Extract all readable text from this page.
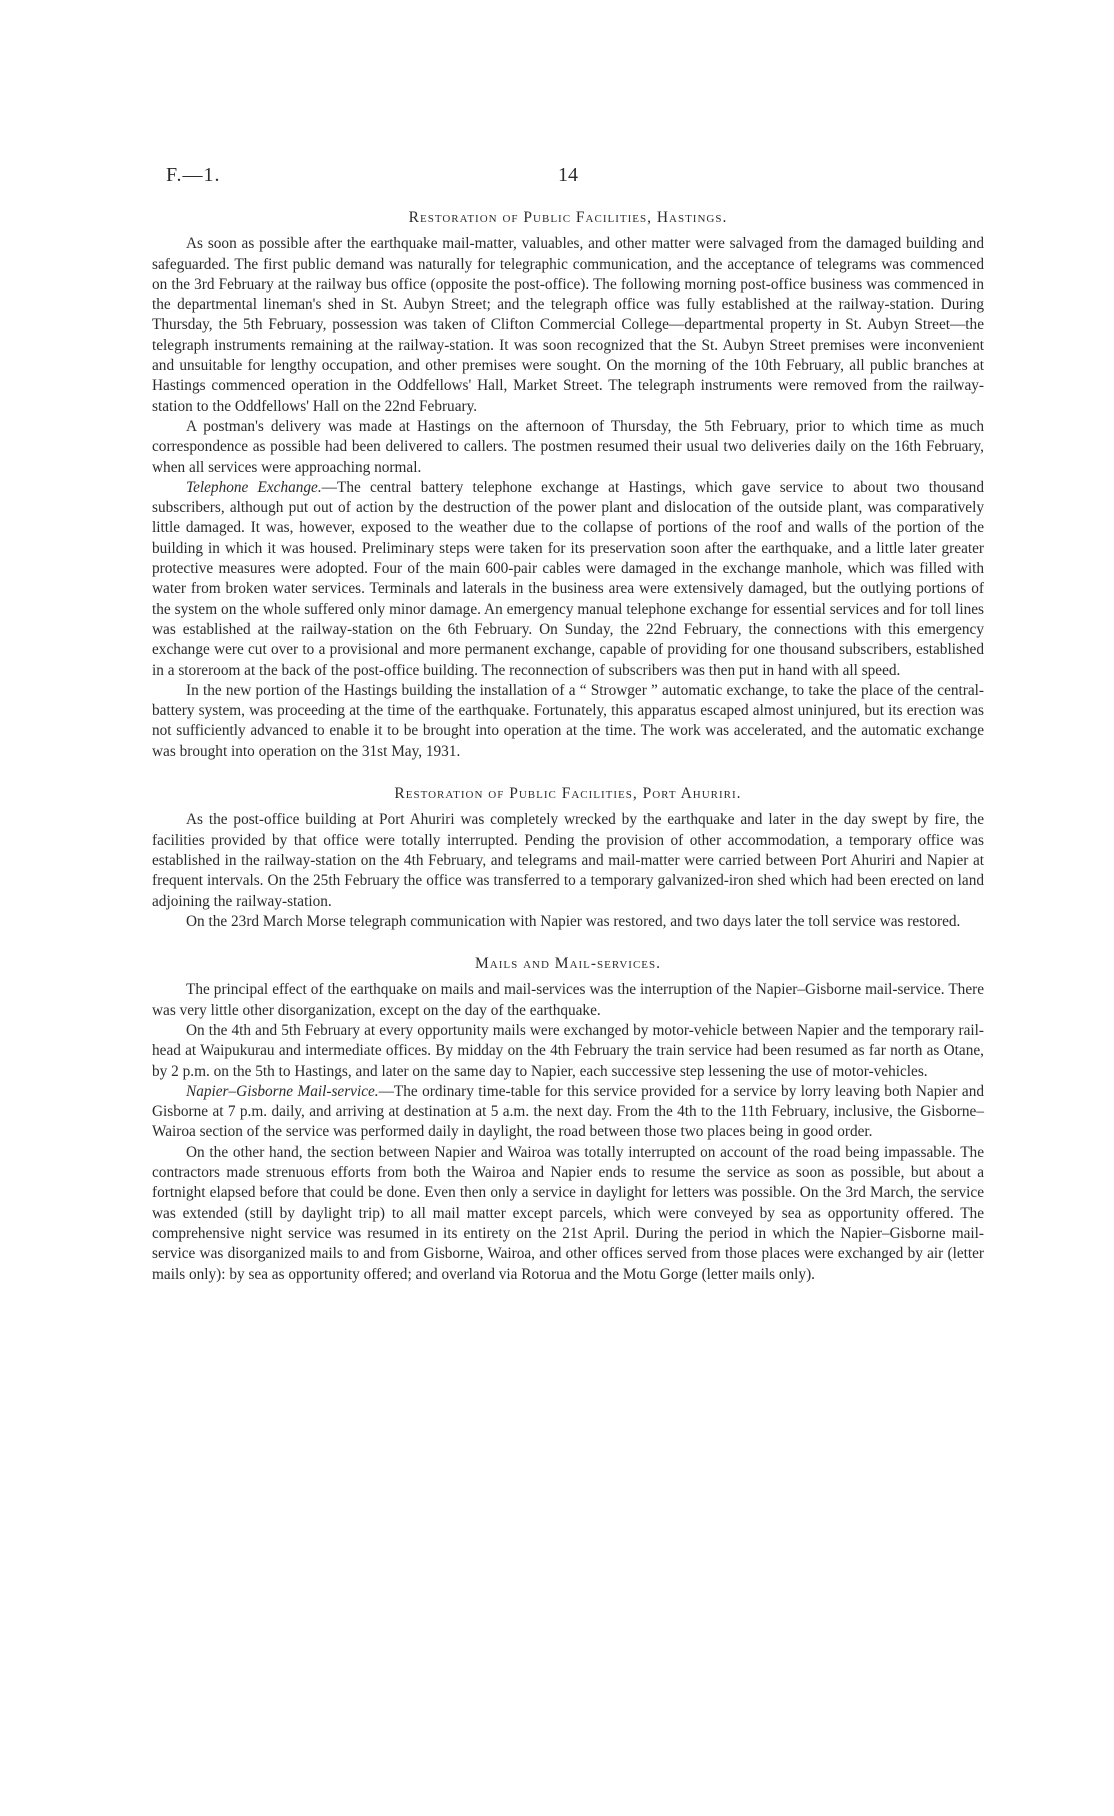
F.—1.	14
Restoration of Public Facilities, Hastings.

As soon as possible after the earthquake mail-matter, valuables, and other matter were salvaged from the damaged building and safeguarded. The first public demand was naturally for telegraphic communication, and the acceptance of telegrams was commenced on the 3rd February at the railway bus office (opposite the post-office). The following morning post-office business was commenced in the departmental lineman's shed in St. Aubyn Street; and the telegraph office was fully established at the railway-station. During Thursday, the 5th February, possession was taken of Clifton Commercial College—departmental property in St. Aubyn Street—the telegraph instruments remaining at the railway-station. It was soon recognized that the St. Aubyn Street premises were inconvenient and unsuitable for lengthy occupation, and other premises were sought. On the morning of the 10th February, all public branches at Hastings commenced operation in the Oddfellows' Hall, Market Street. The telegraph instruments were removed from the railway-station to the Oddfellows' Hall on the 22nd February.

A postman's delivery was made at Hastings on the afternoon of Thursday, the 5th February, prior to which time as much correspondence as possible had been delivered to callers. The postmen resumed their usual two deliveries daily on the 16th February, when all services were approaching normal.

Telephone Exchange.—The central battery telephone exchange at Hastings, which gave service to about two thousand subscribers, although put out of action by the destruction of the power plant and dislocation of the outside plant, was comparatively little damaged. It was, however, exposed to the weather due to the collapse of portions of the roof and walls of the portion of the building in which it was housed. Preliminary steps were taken for its preservation soon after the earthquake, and a little later greater protective measures were adopted. Four of the main 600-pair cables were damaged in the exchange manhole, which was filled with water from broken water services. Terminals and laterals in the business area were extensively damaged, but the outlying portions of the system on the whole suffered only minor damage. An emergency manual telephone exchange for essential services and for toll lines was established at the railway-station on the 6th February. On Sunday, the 22nd February, the connections with this emergency exchange were cut over to a provisional and more permanent exchange, capable of providing for one thousand subscribers, established in a storeroom at the back of the post-office building. The reconnection of subscribers was then put in hand with all speed.

In the new portion of the Hastings building the installation of a “ Strowger ” automatic exchange, to take the place of the central-battery system, was proceeding at the time of the earthquake. Fortunately, this apparatus escaped almost uninjured, but its erection was not sufficiently advanced to enable it to be brought into operation at the time. The work was accelerated, and the automatic exchange was brought into operation on the 31st May, 1931.

Restoration of Public Facilities, Port Ahuriri.

As the post-office building at Port Ahuriri was completely wrecked by the earthquake and later in the day swept by fire, the facilities provided by that office were totally interrupted. Pending the provision of other accommodation, a temporary office was established in the railway-station on the 4th February, and telegrams and mail-matter were carried between Port Ahuriri and Napier at frequent intervals. On the 25th February the office was transferred to a temporary galvanized-iron shed which had been erected on land adjoining the railway-station.

On the 23rd March Morse telegraph communication with Napier was restored, and two days later the toll service was restored.

Mails and Mail-services.

The principal effect of the earthquake on mails and mail-services was the interruption of the Napier–Gisborne mail-service. There was very little other disorganization, except on the day of the earthquake.

On the 4th and 5th February at every opportunity mails were exchanged by motor-vehicle between Napier and the temporary rail-head at Waipukurau and intermediate offices. By midday on the 4th February the train service had been resumed as far north as Otane, by 2 p.m. on the 5th to Hastings, and later on the same day to Napier, each successive step lessening the use of motor-vehicles.

Napier–Gisborne Mail-service.—The ordinary time-table for this service provided for a service by lorry leaving both Napier and Gisborne at 7 p.m. daily, and arriving at destination at 5 a.m. the next day. From the 4th to the 11th February, inclusive, the Gisborne–Wairoa section of the service was performed daily in daylight, the road between those two places being in good order.

On the other hand, the section between Napier and Wairoa was totally interrupted on account of the road being impassable. The contractors made strenuous efforts from both the Wairoa and Napier ends to resume the service as soon as possible, but about a fortnight elapsed before that could be done. Even then only a service in daylight for letters was possible. On the 3rd March, the service was extended (still by daylight trip) to all mail matter except parcels, which were conveyed by sea as opportunity offered. The comprehensive night service was resumed in its entirety on the 21st April. During the period in which the Napier–Gisborne mail-service was disorganized mails to and from Gisborne, Wairoa, and other offices served from those places were exchanged by air (letter mails only): by sea as opportunity offered; and overland via Rotorua and the Motu Gorge (letter mails only).
